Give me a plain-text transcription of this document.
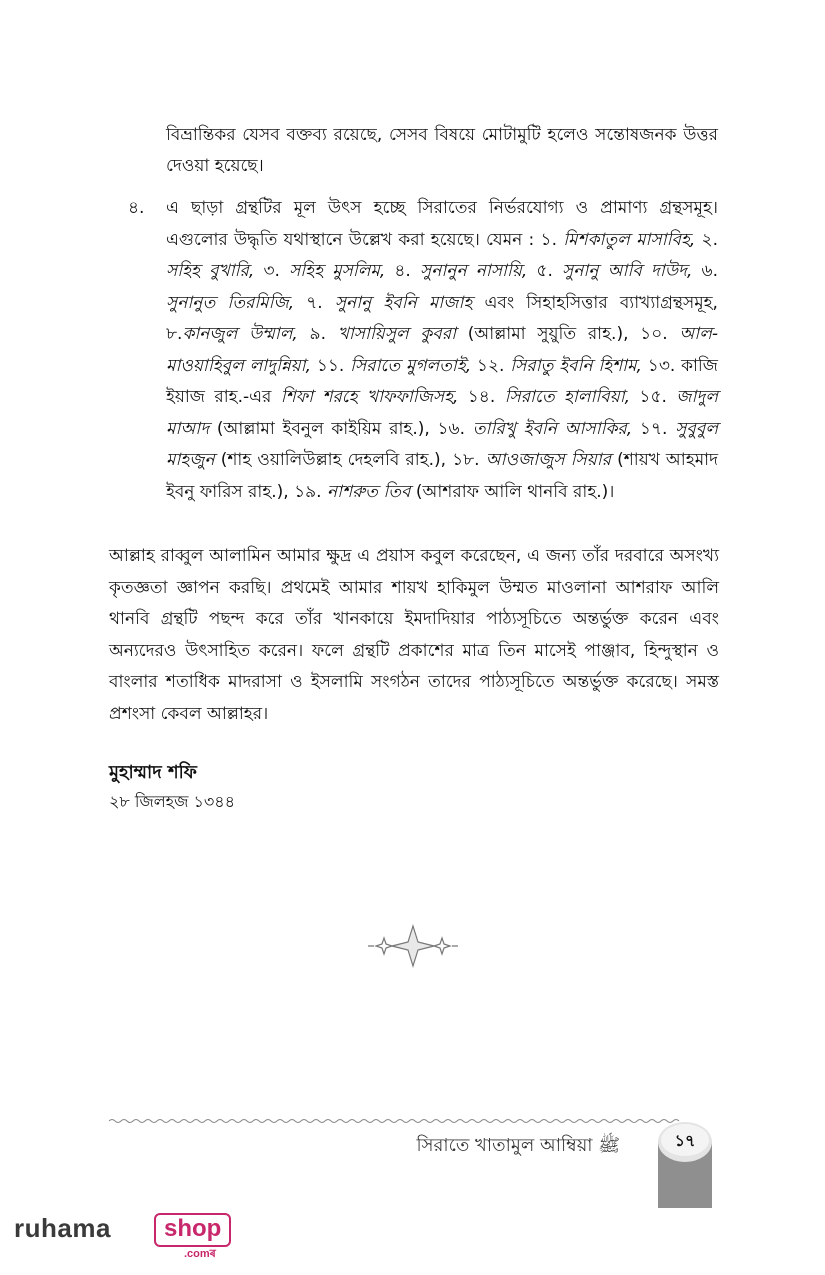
বিভ্রান্তিকর যেসব বক্তব্য রয়েছে, সেসব বিষয়ে মোটামুটি হলেও সন্তোষজনক উত্তর দেওয়া হয়েছে।

৪.	এ ছাড়া গ্রন্থটির মূল উৎস হচ্ছে সিরাতের নির্ভরযোগ্য ও প্রামাণ্য গ্রন্থসমূহ। এগুলোর উদ্ধৃতি যথাস্থানে উল্লেখ করা হয়েছে। যেমন : ১. মিশকাতুল মাসাবিহ, ২. সহিহ বুখারি, ৩. সহিহ মুসলিম, ৪. সুনানুন নাসায়ি, ৫. সুনানু আবি দাউদ, ৬. সুনানুত তিরমিজি, ৭. সুনানু ইবনি মাজাহ এবং সিহাহসিত্তার ব্যাখ্যাগ্রন্থসমূহ, ৮.কানজুল উম্মাল, ৯. খাসায়িসুল কুবরা (আল্লামা সুয়ুতি রাহ.), ১০. আল-মাওয়াহিবুল লাদুন্নিয়া, ১১. সিরাতে মুগলতাই, ১২. সিরাতু ইবনি হিশাম, ১৩. কাজি ইয়াজ রাহ.-এর শিফা শরহে খাফফাজিসহ, ১৪. সিরাতে হালাবিয়া, ১৫. জাদুল মাআদ (আল্লামা ইবনুল কাইয়িম রাহ.), ১৬. তারিখু ইবনি আসাকির, ১৭. সুবুবুল মাহজুন (শাহ ওয়ালিউল্লাহ দেহলবি রাহ.), ১৮. আওজাজুস সিয়ার (শায়খ আহমাদ ইবনু ফারিস রাহ.), ১৯. নাশরুত তিব (আশরাফ আলি থানবি রাহ.)।

আল্লাহ রাব্বুল আলামিন আমার ক্ষুদ্র এ প্রয়াস কবুল করেছেন, এ জন্য তাঁর দরবারে অসংখ্য কৃতজ্ঞতা জ্ঞাপন করছি। প্রথমেই আমার শায়খ হাকিমুল উম্মত মাওলানা আশরাফ আলি থানবি গ্রন্থটি পছন্দ করে তাঁর খানকায়ে ইমদাদিয়ার পাঠ্যসূচিতে অন্তর্ভুক্ত করেন এবং অন্যদেরও উৎসাহিত করেন। ফলে গ্রন্থটি প্রকাশের মাত্র তিন মাসেই পাঞ্জাব, হিন্দুস্থান ও বাংলার শতাধিক মাদরাসা ও ইসলামি সংগঠন তাদের পাঠ্যসূচিতে অন্তর্ভুক্ত করেছে। সমস্ত প্রশংসা কেবল আল্লাহর।

মুহাম্মাদ শফি
২৮ জিলহজ ১৩৪৪
সিরাতে খাতামুল আম্বিয়া ﷺ	১৭
ruhama	shop
.comৰ
